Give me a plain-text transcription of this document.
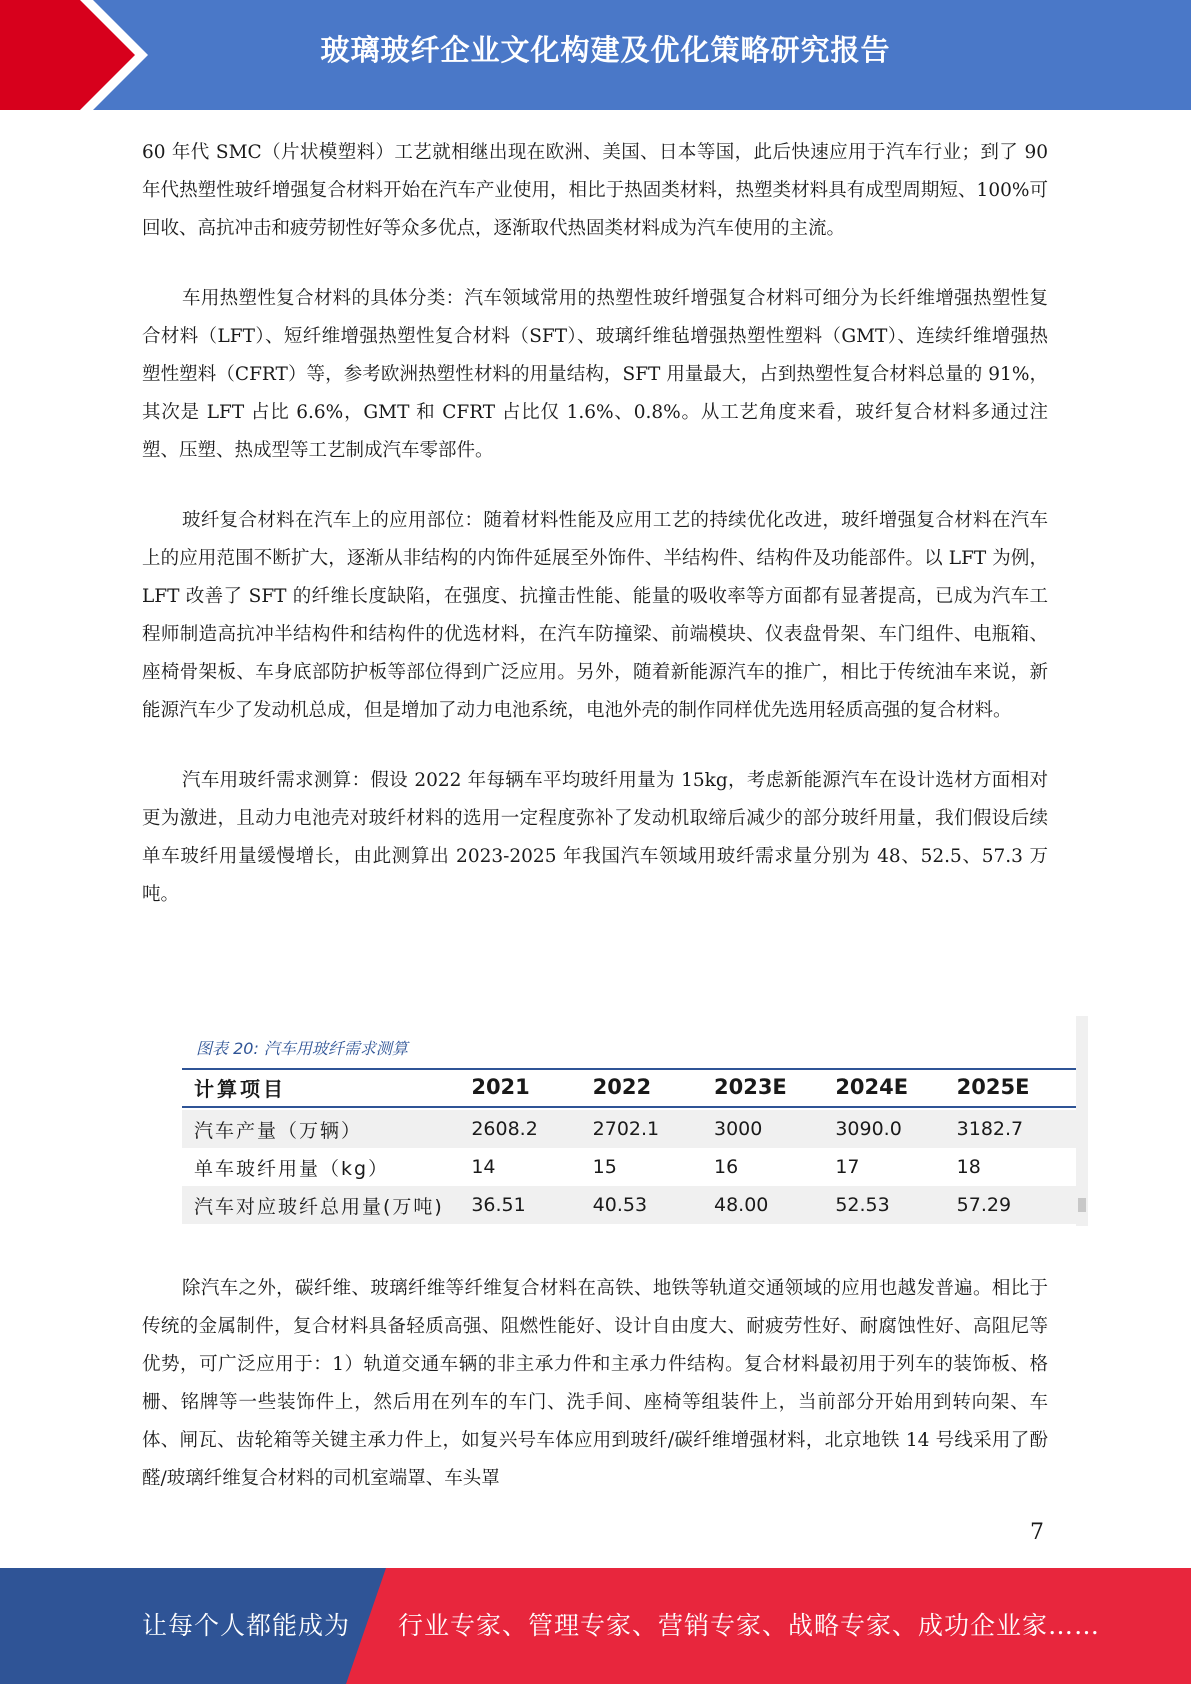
玻璃玻纤企业文化构建及优化策略研究报告

60 年代 SMC（片状模塑料）工艺就相继出现在欧洲、美国、日本等国，此后快速应用于汽车行业；到了 90 年代热塑性玻纤增强复合材料开始在汽车产业使用，相比于热固类材料，热塑类材料具有成型周期短、100%可回收、高抗冲击和疲劳韧性好等众多优点，逐渐取代热固类材料成为汽车使用的主流。

车用热塑性复合材料的具体分类：汽车领域常用的热塑性玻纤增强复合材料可细分为长纤维增强热塑性复合材料（LFT）、短纤维增强热塑性复合材料（SFT）、玻璃纤维毡增强热塑性塑料（GMT）、连续纤维增强热塑性塑料（CFRT）等，参考欧洲热塑性材料的用量结构，SFT 用量最大，占到热塑性复合材料总量的 91%，其次是 LFT 占比 6.6%，GMT 和 CFRT 占比仅 1.6%、0.8%。从工艺角度来看，玻纤复合材料多通过注塑、压塑、热成型等工艺制成汽车零部件。

玻纤复合材料在汽车上的应用部位：随着材料性能及应用工艺的持续优化改进，玻纤增强复合材料在汽车上的应用范围不断扩大，逐渐从非结构的内饰件延展至外饰件、半结构件、结构件及功能部件。以 LFT 为例，LFT 改善了 SFT 的纤维长度缺陷，在强度、抗撞击性能、能量的吸收率等方面都有显著提高，已成为汽车工程师制造高抗冲半结构件和结构件的优选材料，在汽车防撞梁、前端模块、仪表盘骨架、车门组件、电瓶箱、座椅骨架板、车身底部防护板等部位得到广泛应用。另外，随着新能源汽车的推广，相比于传统油车来说，新能源汽车少了发动机总成，但是增加了动力电池系统，电池外壳的制作同样优先选用轻质高强的复合材料。

汽车用玻纤需求测算：假设 2022 年每辆车平均玻纤用量为 15kg，考虑新能源汽车在设计选材方面相对更为激进，且动力电池壳对玻纤材料的选用一定程度弥补了发动机取缔后减少的部分玻纤用量，我们假设后续单车玻纤用量缓慢增长，由此测算出 2023-2025 年我国汽车领域用玻纤需求量分别为 48、52.5、57.3 万吨。

图表 20: 汽车用玻纤需求测算
计算项目	2021	2022	2023E	2024E	2025E
汽车产量（万辆）	2608.2	2702.1	3000	3090.0	3182.7
单车玻纤用量（kg）	14	15	16	17	18
汽车对应玻纤总用量(万吨)	36.51	40.53	48.00	52.53	57.29

除汽车之外，碳纤维、玻璃纤维等纤维复合材料在高铁、地铁等轨道交通领域的应用也越发普遍。相比于传统的金属制件，复合材料具备轻质高强、阻燃性能好、设计自由度大、耐疲劳性好、耐腐蚀性好、高阻尼等优势，可广泛应用于：1）轨道交通车辆的非主承力件和主承力件结构。复合材料最初用于列车的装饰板、格栅、铭牌等一些装饰件上，然后用在列车的车门、洗手间、座椅等组装件上，当前部分开始用到转向架、车体、闸瓦、齿轮箱等关键主承力件上，如复兴号车体应用到玻纤/碳纤维增强材料，北京地铁 14 号线采用了酚醛/玻璃纤维复合材料的司机室端罩、车头罩

7
让每个人都能成为 行业专家、管理专家、营销专家、战略专家、成功企业家……
